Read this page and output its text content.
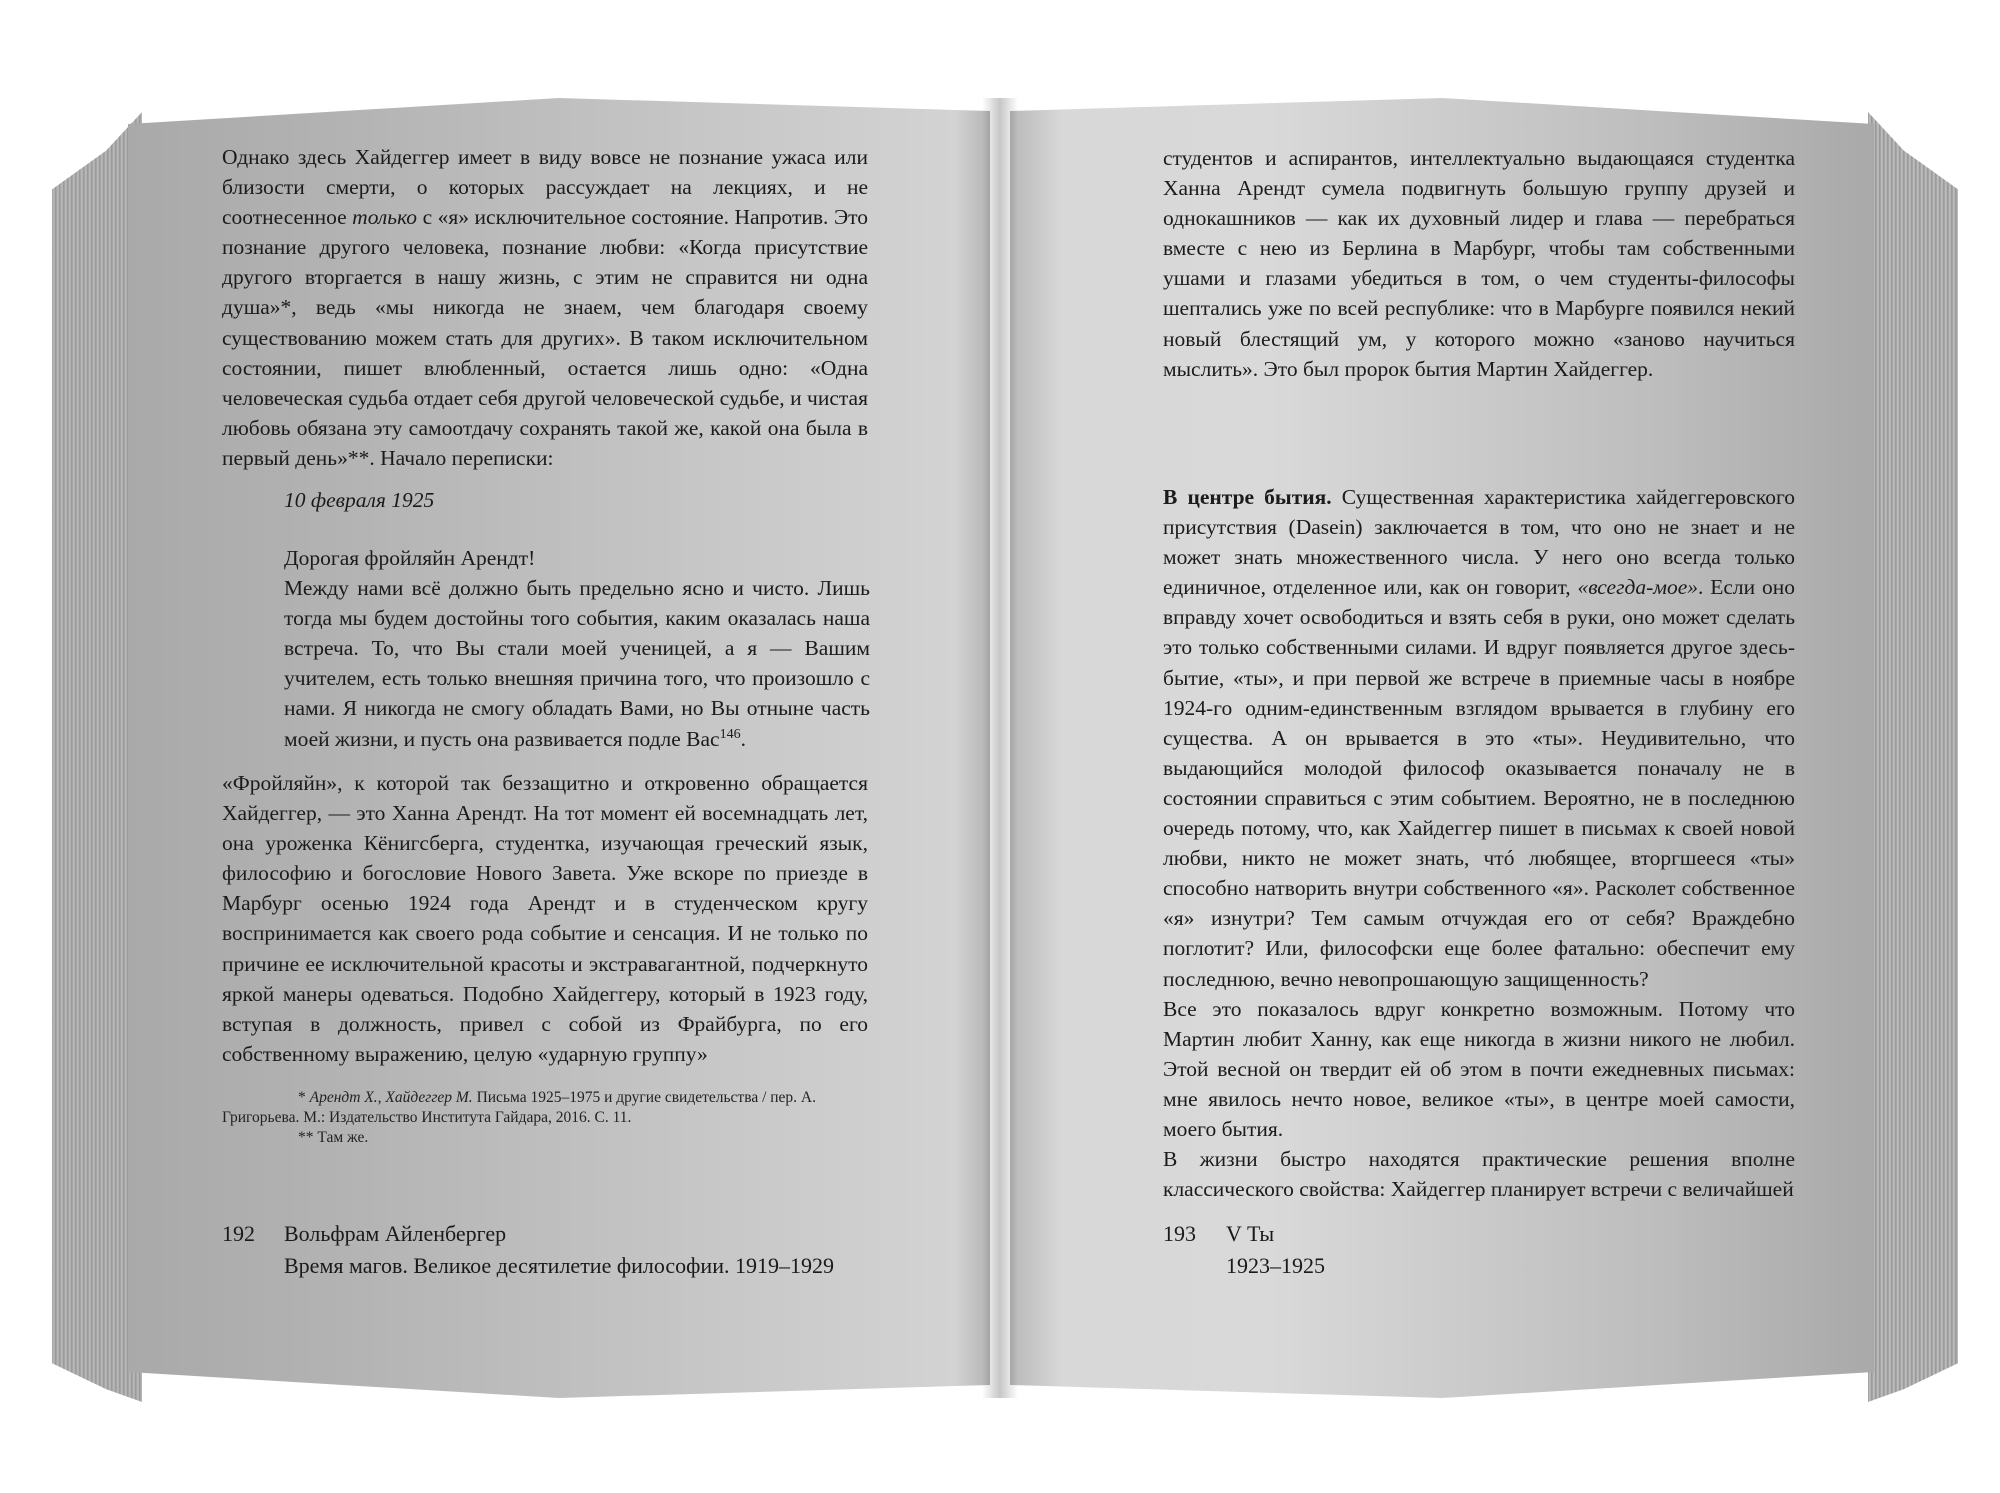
Однако здесь Хайдеггер имеет в виду вовсе не познание ужаса или близости смерти, о которых рассуждает на лекциях, и не соотнесенное только с «я» исключительное состояние. Напротив. Это познание другого человека, познание любви: «Когда присутствие другого вторгается в нашу жизнь, с этим не справится ни одна душа»*, ведь «мы никогда не знаем, чем благодаря своему существованию можем стать для других». В таком исключительном состоянии, пишет влюбленный, остается лишь одно: «Одна человеческая судьба отдает себя другой человеческой судьбе, и чистая любовь обязана эту самоотдачу сохранять такой же, какой она была в первый день»**. Начало переписки:

10 февраля 1925

Дорогая фройляйн Арендт!

Между нами всё должно быть предельно ясно и чисто. Лишь тогда мы будем достойны того события, каким оказалась наша встреча. То, что Вы стали моей ученицей, а я — Вашим учителем, есть только внешняя причина того, что произошло с нами. Я никогда не смогу обладать Вами, но Вы отныне часть моей жизни, и пусть она развивается подле Вас$^{146}$.

«Фройляйн», к которой так беззащитно и откровенно обращается Хайдеггер, — это Ханна Арендт. На тот момент ей восемнадцать лет, она уроженка Кёнигсберга, студентка, изучающая греческий язык, философию и богословие Нового Завета. Уже вскоре по приезде в Марбург осенью 1924 года Арендт и в студенческом кругу воспринимается как своего рода событие и сенсация. И не только по причине ее исключительной красоты и экстравагантной, подчеркнуто яркой манеры одеваться. Подобно Хайдеггеру, который в 1923 году, вступая в должность, привел с собой из Фрайбурга, по его собственному выражению, целую «ударную группу»

* Арендт Х., Хайдеггер М. Письма 1925–1975 и другие свидетельства / пер. А. Григорьева. М.: Издательство Института Гайдара, 2016. С. 11.

** Там же.

192 Вольфрам Айленбергер
Время магов. Великое десятилетие философии. 1919–1929
студентов и аспирантов, интеллектуально выдающаяся студентка Ханна Арендт сумела подвигнуть большую группу друзей и однокашников — как их духовный лидер и глава — перебраться вместе с нею из Берлина в Марбург, чтобы там собственными ушами и глазами убедиться в том, о чем студенты-философы шептались уже по всей республике: что в Марбурге появился некий новый блестящий ум, у которого можно «заново научиться мыслить». Это был пророк бытия Мартин Хайдеггер.

В центре бытия. Существенная характеристика хайдеггеровского присутствия (Dasein) заключается в том, что оно не знает и не может знать множественного числа. У него оно всегда только единичное, отделенное или, как он говорит, «всегда-мое». Если оно вправду хочет освободиться и взять себя в руки, оно может сделать это только собственными силами. И вдруг появляется другое здесь-бытие, «ты», и при первой же встрече в приемные часы в ноябре 1924-го одним-единственным взглядом врывается в глубину его существа. А он врывается в это «ты». Неудивительно, что выдающийся молодой философ оказывается поначалу не в состоянии справиться с этим событием. Вероятно, не в последнюю очередь потому, что, как Хайдеггер пишет в письмах к своей новой любви, никто не может знать, чтó любящее, вторгшееся «ты» способно натворить внутри собственного «я». Расколет собственное «я» изнутри? Тем самым отчуждая его от себя? Враждебно поглотит? Или, философски еще более фатально: обеспечит ему последнюю, вечно невопрошающую защищенность?

Все это показалось вдруг конкретно возможным. Потому что Мартин любит Ханну, как еще никогда в жизни никого не любил. Этой весной он твердит ей об этом в почти ежедневных письмах: мне явилось нечто новое, великое «ты», в центре моей самости, моего бытия.

В жизни быстро находятся практические решения вполне классического свойства: Хайдеггер планирует встречи с величайшей

193 V Ты
1923–1925
